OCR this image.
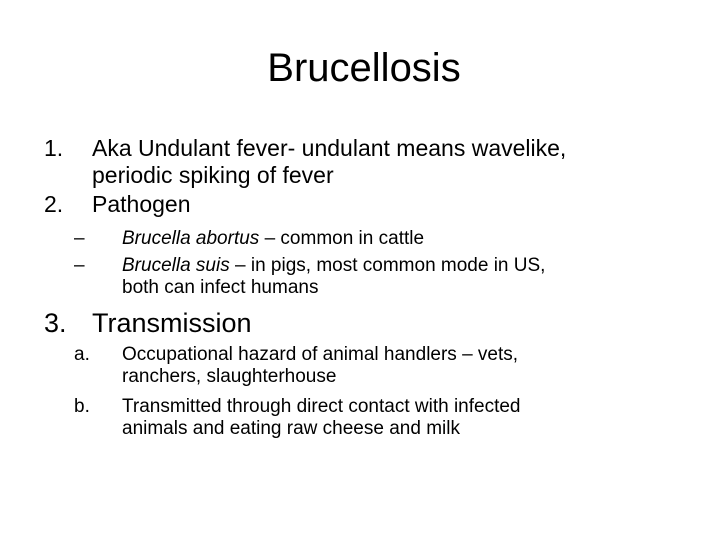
Brucellosis
1. Aka Undulant fever- undulant means wavelike,
periodic spiking of fever
2. Pathogen
– Brucella abortus – common in cattle
– Brucella suis – in pigs, most common mode in US,
both can infect humans
3. Transmission
a. Occupational hazard of animal handlers – vets,
ranchers, slaughterhouse
b. Transmitted through direct contact with infected
animals and eating raw cheese and milk
